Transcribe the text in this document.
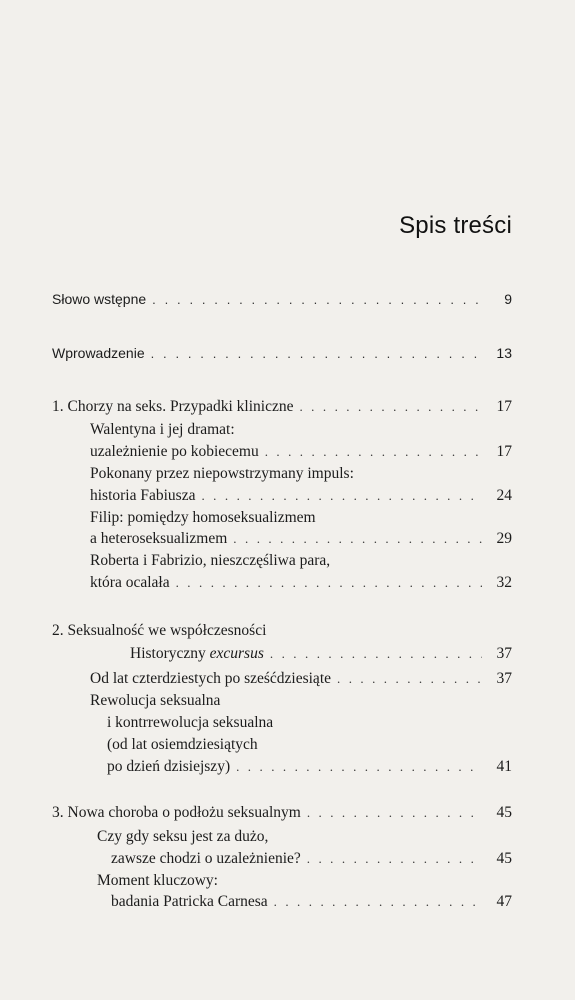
Spis treści
Słowo wstępne . . .	9
Wprowadzenie . . .	13
1. Chorzy na seks. Przypadki kliniczne . . .	17
Walentyna i jej dramat:
uzależnienie po kobiecemu . . .	17
Pokonany przez niepowstrzymany impuls:
historia Fabiusza . . .	24
Filip: pomiędzy homoseksualizmem
a heteroseksualizmem . . .	29
Roberta i Fabrizio, nieszczęśliwa para,
która ocalała . . .	32
2. Seksualność we współczesności
Historyczny excursus . . .	37
Od lat czterdziestych po sześćdziesiąte . . .	37
Rewolucja seksualna
i kontrrewolucja seksualna
(od lat osiemdziesiątych
po dzień dzisiejszy) . . .	41
3. Nowa choroba o podłożu seksualnym . . .	45
Czy gdy seksu jest za dużo,
zawsze chodzi o uzależnienie? . . .	45
Moment kluczowy:
badania Patricka Carnesa . . .	47
